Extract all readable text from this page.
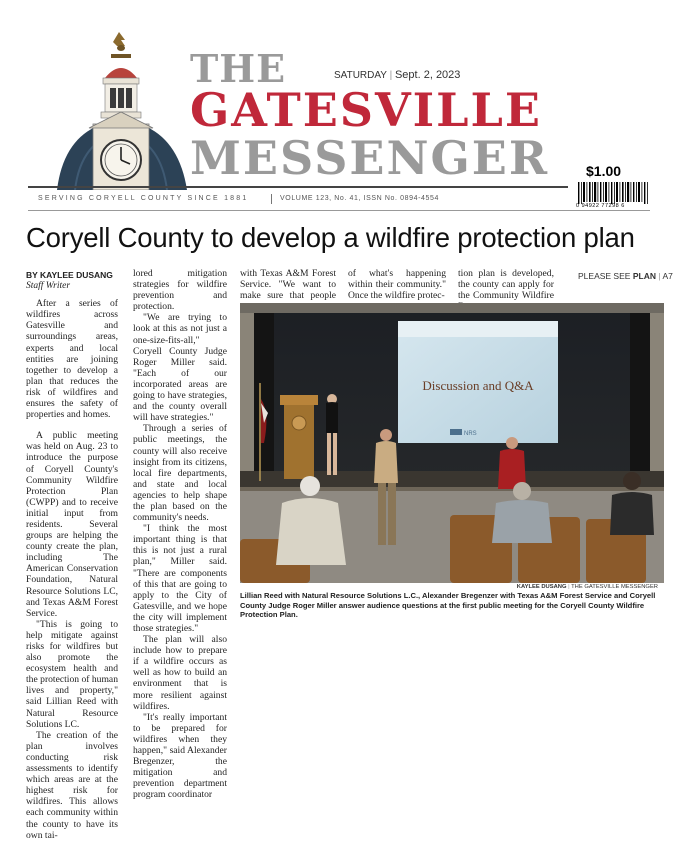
THE
GATESVILLE
MESSENGER
SATURDAY | Sept. 2, 2023
$1.00
0 94922 77298 6
SERVING CORYELL COUNTY SINCE 1881	VOLUME 123, No. 41, ISSN No. 0894-4554
Coryell County to develop a wildfire protection plan
BY KAYLEE DUSANG
Staff Writer

After a series of wildfires across Gatesville and surroundings areas, experts and local entities are joining together to develop a plan that reduces the risk of wildfires and ensures the safety of properties and homes.

A public meeting was held on Aug. 23 to introduce the purpose of Coryell County's Community Wildfire Protection Plan (CWPP) and to receive initial input from residents. Several groups are helping the county create the plan, including The American Conservation Foundation, Natural Resource Solutions LC, and Texas A&M Forest Service.

"This is going to help mitigate against risks for wildfires but also promote the ecosystem health and the protection of human lives and property," said Lillian Reed with Natural Resource Solutions LC.

The creation of the plan involves conducting risk assessments to identify which areas are at the highest risk for wildfires. This allows each community within the county to have its own tai-

lored mitigation strategies for wildfire prevention and protection.

"We are trying to look at this as not just a one-size-fits-all," Coryell County Judge Roger Miller said. "Each of our incorporated areas are going to have strategies, and the county overall will have strategies."

Through a series of public meetings, the county will also receive insight from its citizens, local fire departments, and state and local agencies to help shape the plan based on the community's needs.

"I think the most important thing is that this is not just a rural plan," Miller said. "There are components of this that are going to apply to the City of Gatesville, and we hope the city will implement those strategies."

The plan will also include how to prepare if a wildfire occurs as well as how to build an environment that is more resilient against wildfires.

"It's really important to be prepared for wildfires when they happen," said Alexander Bregenzer, the mitigation and prevention department program coordinator

with Texas A&M Forest Service. "We want to make sure that people

of what's happening within their community." Once the wildfire protec-

tion plan is developed, the county can apply for the Community Wildfire

PLEASE SEE PLAN | A7
Discussion and Q&A
NRS
KAYLEE DUSANG | THE GATESVILLE MESSENGER
Lillian Reed with Natural Resource Solutions L.C., Alexander Bregenzer with Texas A&M Forest Service and Coryell County Judge Roger Miller answer audience questions at the first public meeting for the Coryell County Wildfire Protection Plan.
